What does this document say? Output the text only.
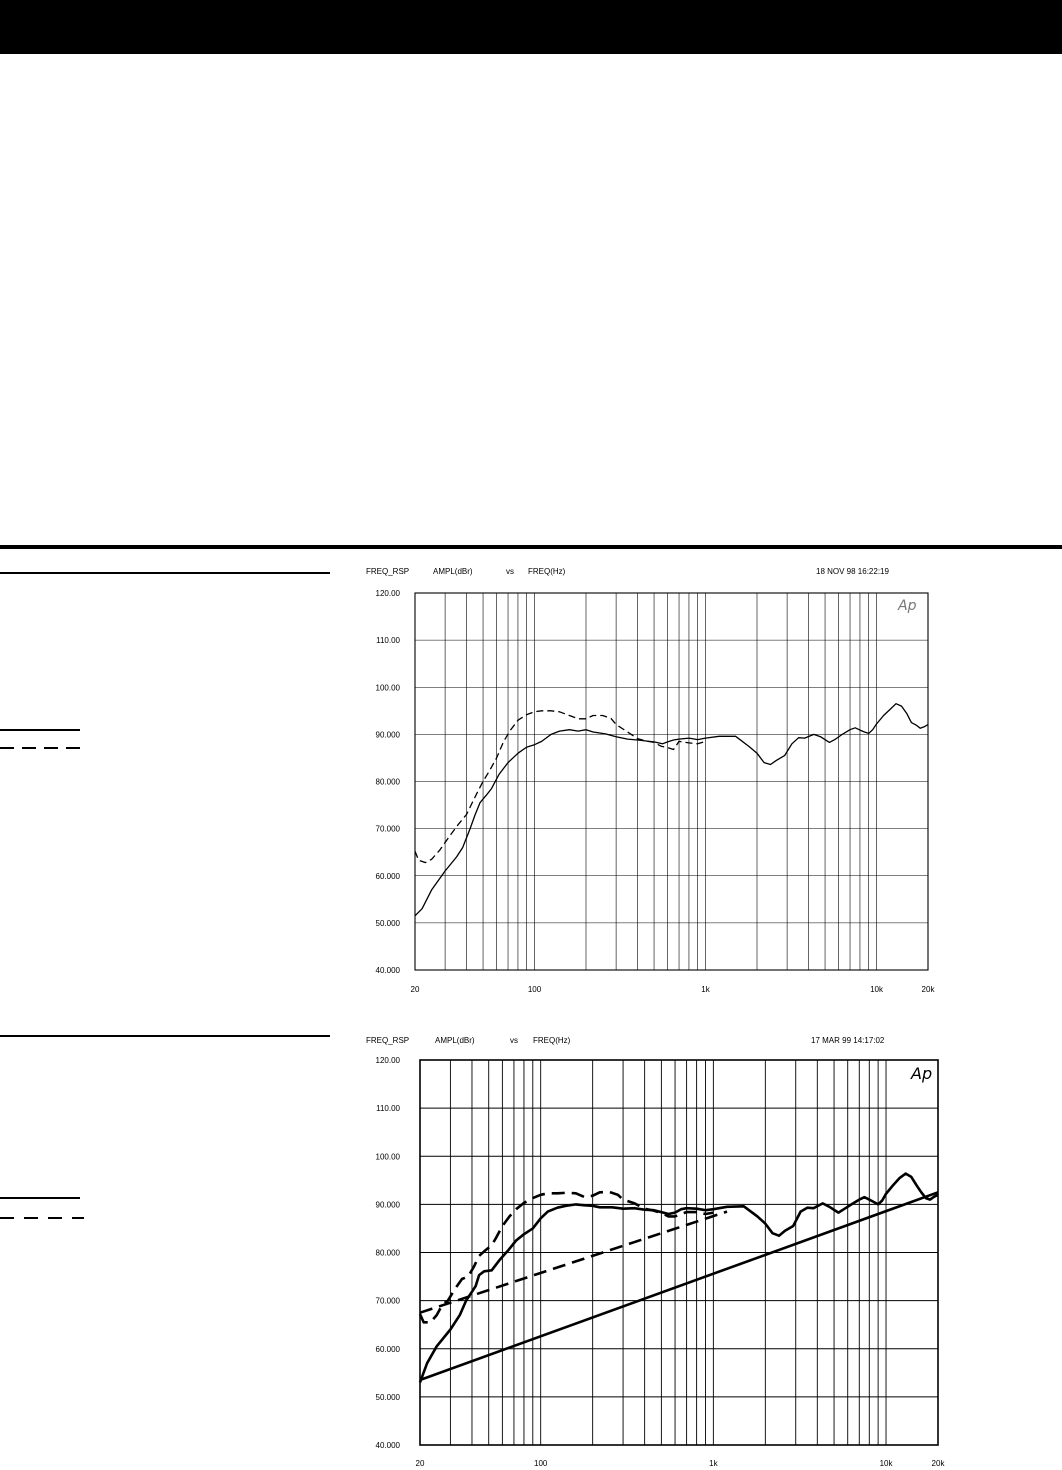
FREQ_RSP	AMPL(dBr)	vs FREQ(Hz)	18 NOV 98 16:22:19
120.00
110.00
100.00
90.000
80.000
70.000
60.000
50.000
40.000
20	100	1k	10k	20k
Ap
FREQ_RSP	AMPL(dBr)	vs FREQ(Hz)	17 MAR 99 14:17:02
120.00
110.00
100.00
90.000
80.000
70.000
60.000
50.000
40.000
20	100	1k	10k	20k
Ap
